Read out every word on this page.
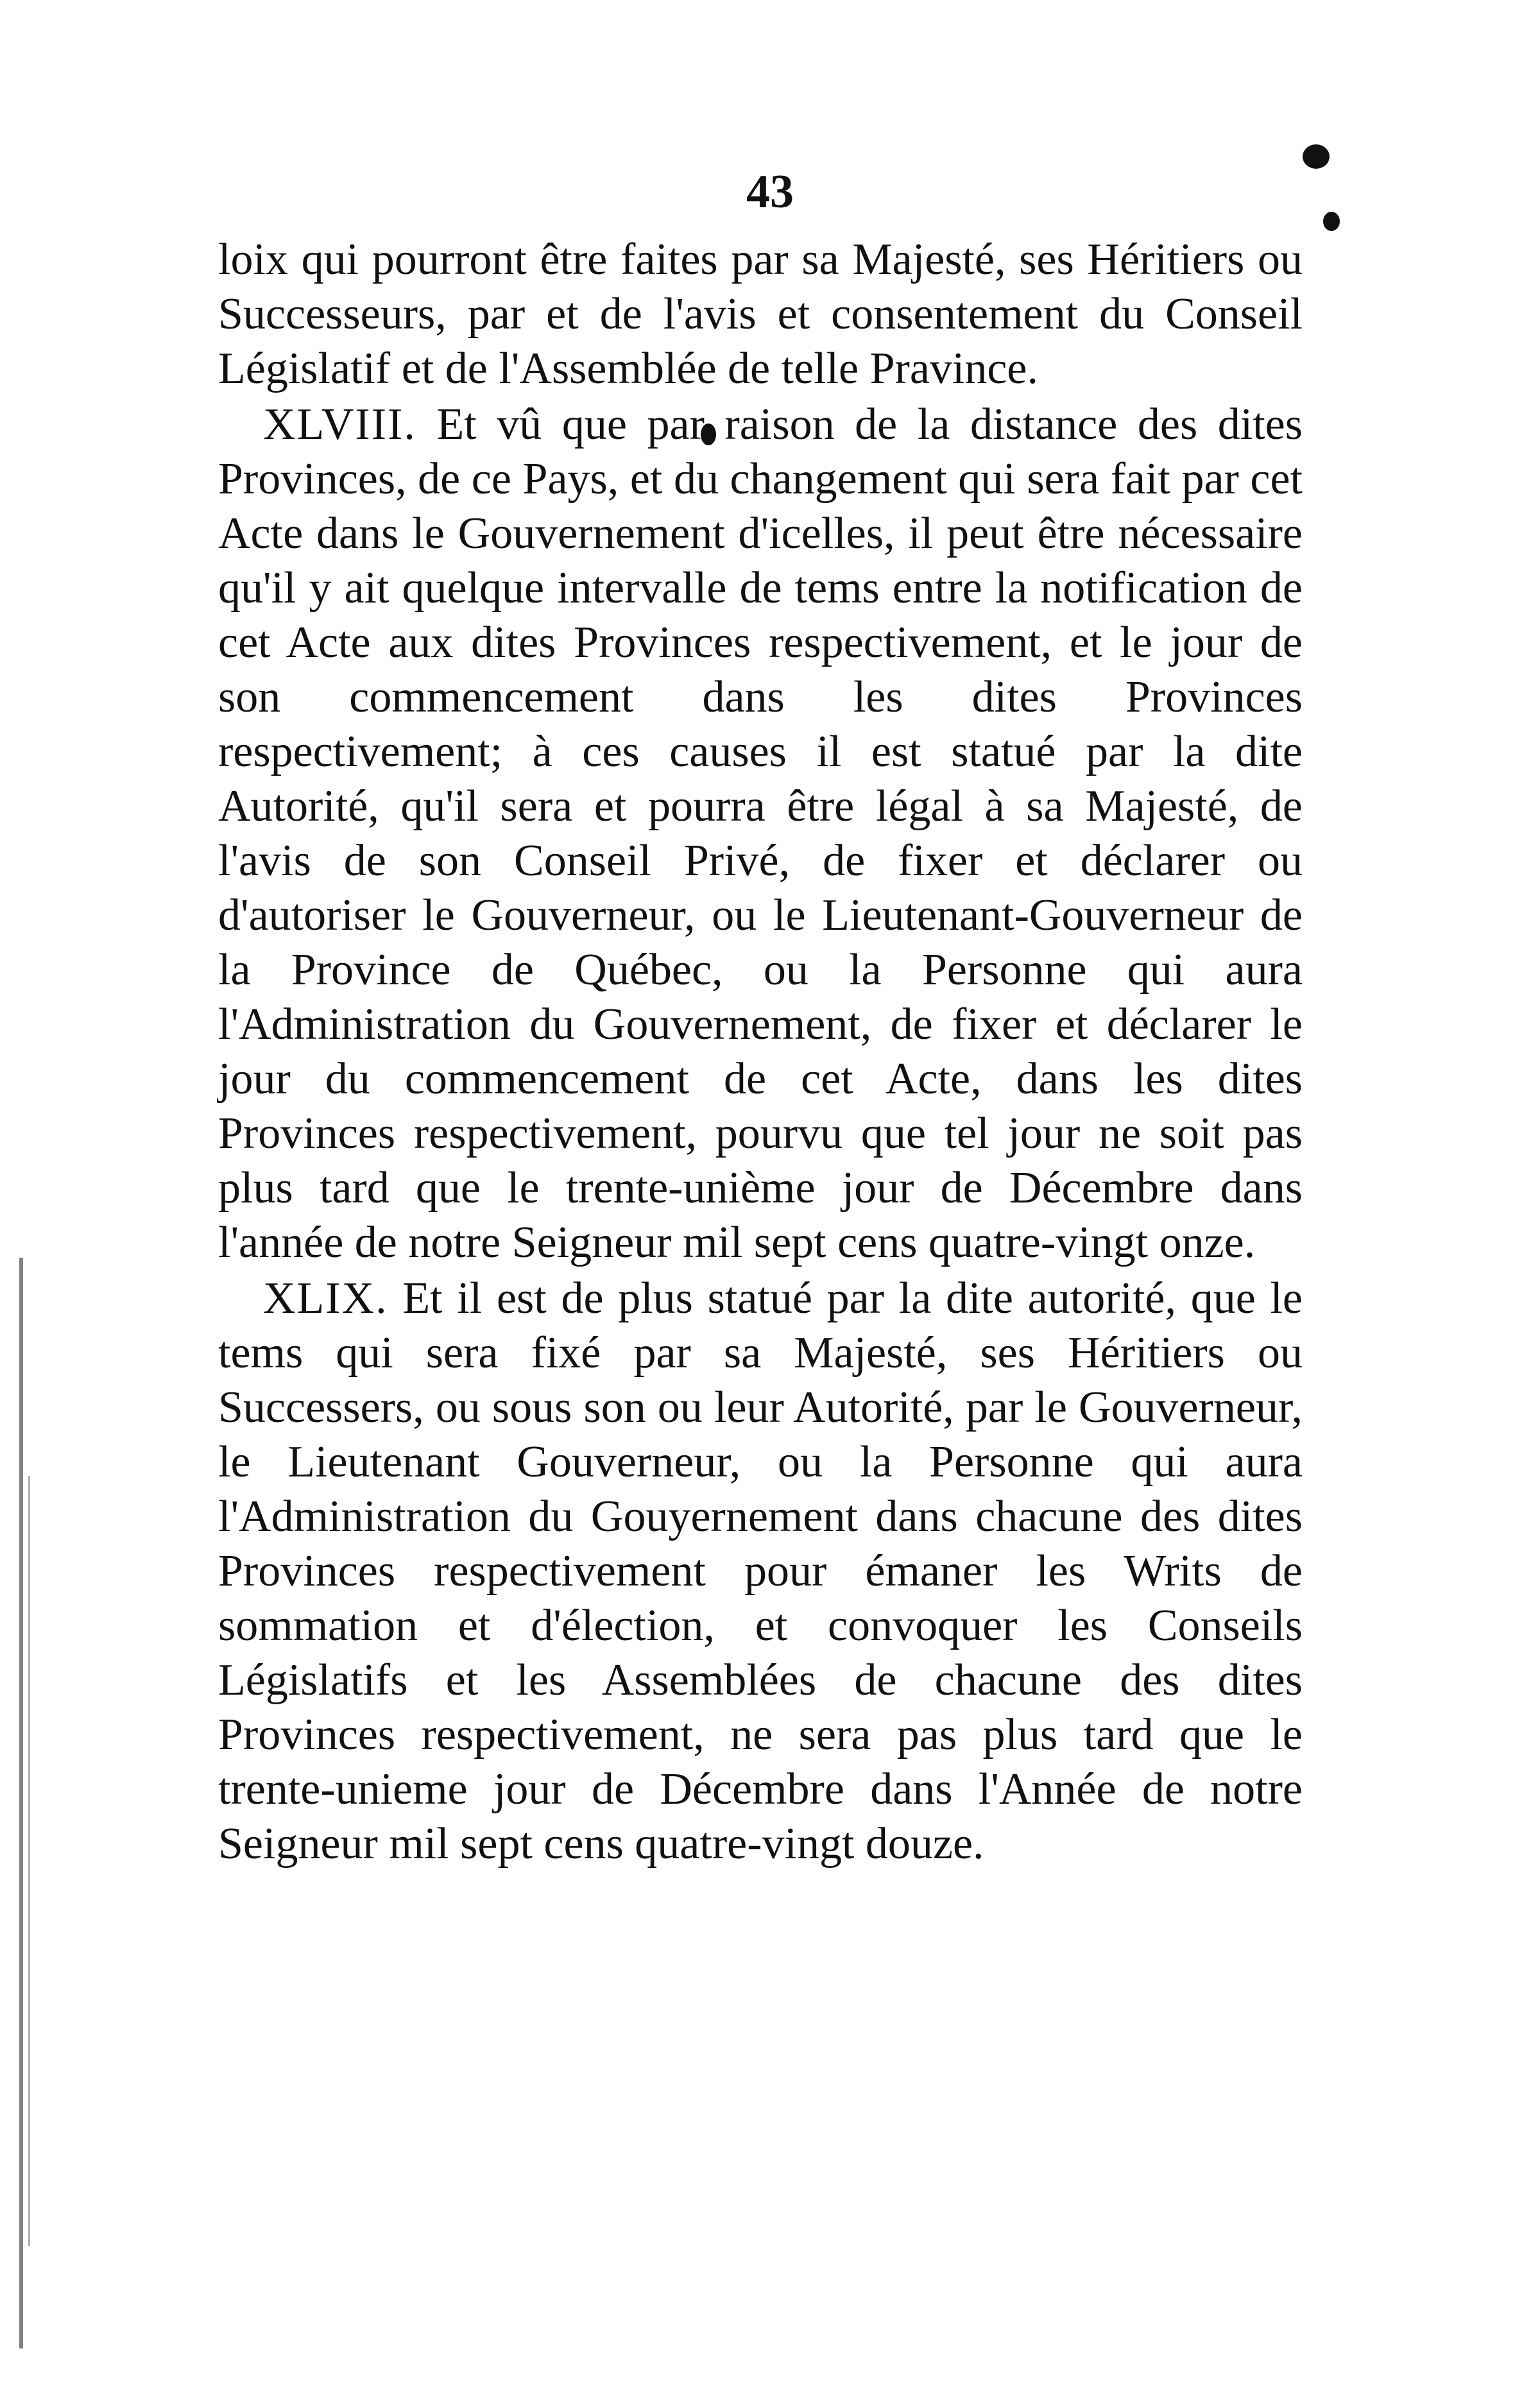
43

loix qui pourront être faites par sa Majesté, ses Héritiers ou Successeurs, par et de l'avis et consentement du Conseil Législatif et de l'Assemblée de telle Pravince.

XLVIII. Et vû que par raison de la distance des dites Provinces, de ce Pays, et du changement qui sera fait par cet Acte dans le Gouvernement d'icelles, il peut être nécessaire qu'il y ait quelque intervalle de tems entre la notification de cet Acte aux dites Provinces respectivement, et le jour de son commencement dans les dites Provinces respectivement; à ces causes il est statué par la dite Autorité, qu'il sera et pourra être légal à sa Majesté, de l'avis de son Conseil Privé, de fixer et déclarer ou d'autoriser le Gouverneur, ou le Lieutenant-Gouverneur de la Province de Québec, ou la Personne qui aura l'Administration du Gouvernement, de fixer et déclarer le jour du commencement de cet Acte, dans les dites Provinces respectivement, pourvu que tel jour ne soit pas plus tard que le trente-unième jour de Décembre dans l'année de notre Seigneur mil sept cens quatre-vingt onze.

XLIX. Et il est de plus statué par la dite autorité, que le tems qui sera fixé par sa Majesté, ses Héritiers ou Successers, ou sous son ou leur Autorité, par le Gouverneur, le Lieutenant Gouverneur, ou la Personne qui aura l'Administration du Gouyernement dans chacune des dites Provinces respectivement pour émaner les Writs de sommation et d'élection, et convoquer les Conseils Législatifs et les Assemblées de chacune des dites Provinces respectivement, ne sera pas plus tard que le trente-unieme jour de Décembre dans l'Année de notre Seigneur mil sept cens quatre-vingt douze.
